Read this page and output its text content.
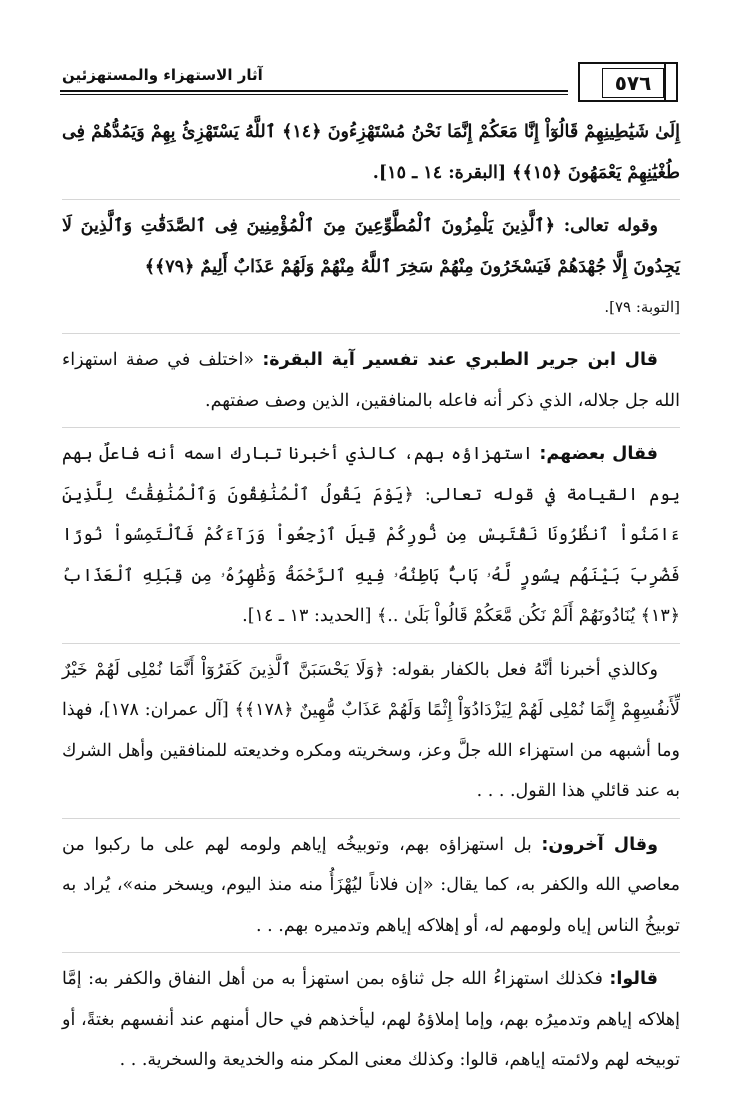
آثار الاستهزاء والمستهزئين	٥٧٦

إِلَىٰ شَيَٰطِينِهِمْ قَالُوٓاْ إِنَّا مَعَكُمْ إِنَّمَا نَحْنُ مُسْتَهْزِءُونَ ﴿١٤﴾ ٱللَّهُ يَسْتَهْزِئُ بِهِمْ وَيَمُدُّهُمْ فِى طُغْيَٰنِهِمْ يَعْمَهُونَ ﴿١٥﴾﴾ [البقرة: ١٤ ـ ١٥].

وقوله تعالى: ﴿ٱلَّذِينَ يَلْمِزُونَ ٱلْمُطَّوِّعِينَ مِنَ ٱلْمُؤْمِنِينَ فِى ٱلصَّدَقَٰتِ وَٱلَّذِينَ لَا يَجِدُونَ إِلَّا جُهْدَهُمْ فَيَسْخَرُونَ مِنْهُمْ سَخِرَ ٱللَّهُ مِنْهُمْ وَلَهُمْ عَذَابٌ أَلِيمٌ ﴿٧٩﴾﴾

[التوبة: ٧٩].

قال ابن جرير الطبري عند تفسير آية البقرة: «اختلف في صفة استهزاء الله جل جلاله، الذي ذكر أنه فاعله بالمنافقين، الذين وصف صفتهم.

فقال بعضهم: استهزاؤه بهم، كالذي أخبرنا تبارك اسمه أنه فاعلٌ بهم يوم القيامة في قوله تعالى: ﴿يَوْمَ يَقُولُ ٱلْمُنَٰفِقُونَ وَٱلْمُنَٰفِقَٰتُ لِلَّذِينَ ءَامَنُواْ ٱنظُرُونَا نَقْتَبِسْ مِن نُّورِكُمْ قِيلَ ٱرْجِعُواْ وَرَآءَكُمْ فَٱلْتَمِسُواْ نُورًا فَضُرِبَ بَيْنَهُم بِسُورٍ لَّهُۥ بَابٌۢ بَاطِنُهُۥ فِيهِ ٱلرَّحْمَةُ وَظَٰهِرُهُۥ مِن قِبَلِهِ ٱلْعَذَابُ ﴿١٣﴾ يُنَادُونَهُمْ أَلَمْ نَكُن مَّعَكُمْ قَالُواْ بَلَىٰ ..﴾ [الحديد: ١٣ ـ ١٤].

وكالذي أخبرنا أنَّهُ فعل بالكفار بقوله: ﴿وَلَا يَحْسَبَنَّ ٱلَّذِينَ كَفَرُوٓاْ أَنَّمَا نُمْلِى لَهُمْ خَيْرٌ لِّأَنفُسِهِمْ إِنَّمَا نُمْلِى لَهُمْ لِيَزْدَادُوٓاْ إِثْمًا وَلَهُمْ عَذَابٌ مُّهِينٌ ﴿١٧٨﴾﴾ [آل عمران: ١٧٨]، فهذا وما أشبهه من استهزاء الله جلَّ وعز، وسخريته ومكره وخديعته للمنافقين وأهل الشرك به عند قائلي هذا القول. . . .

وقال آخرون: بل استهزاؤه بهم، وتوبيخُه إياهم ولومه لهم على ما ركبوا من معاصي الله والكفر به، كما يقال: «إن فلاناً ليُهْزَأُ منه منذ اليوم، ويسخر منه»، يُراد به توبيخُ الناس إياه ولومهم له، أو إهلاكه إياهم وتدميره بهم. . .

قالوا: فكذلك استهزاءُ الله جل ثناؤه بمن استهزأ به من أهل النفاق والكفر به: إمَّا إهلاكه إياهم وتدميرُه بهم، وإما إملاؤهُ لهم، ليأخذهم في حال أمنهم عند أنفسهم بغتةً، أو توبيخه لهم ولائمته إياهم، قالوا: وكذلك معنى المكر منه والخديعة والسخرية. . .
